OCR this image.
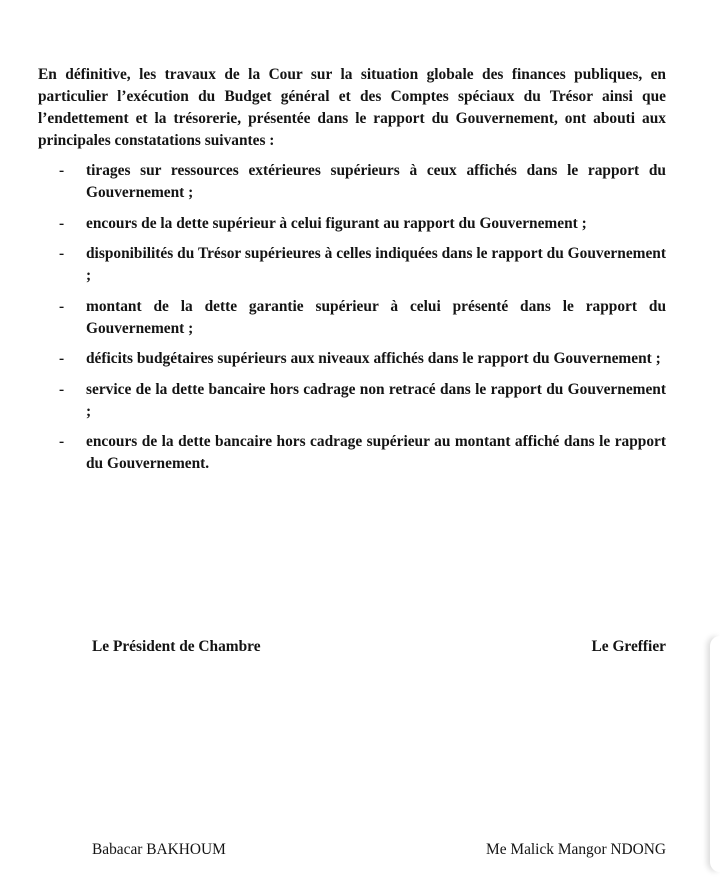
En définitive, les travaux de la Cour sur la situation globale des finances publiques, en particulier l’exécution du Budget général et des Comptes spéciaux du Trésor ainsi que l’endettement et la trésorerie, présentée dans le rapport du Gouvernement, ont abouti aux principales constatations suivantes :

- tirages sur ressources extérieures supérieurs à ceux affichés dans le rapport du Gouvernement ;
- encours de la dette supérieur à celui figurant au rapport du Gouvernement ;
- disponibilités du Trésor supérieures à celles indiquées dans le rapport du Gouvernement ;
- montant de la dette garantie supérieur à celui présenté dans le rapport du Gouvernement ;
- déficits budgétaires supérieurs aux niveaux affichés dans le rapport du Gouvernement ;
- service de la dette bancaire hors cadrage non retracé dans le rapport du Gouvernement ;
- encours de la dette bancaire hors cadrage supérieur au montant affiché dans le rapport du Gouvernement.

Le Président de Chambre	Le Greffier

Babacar BAKHOUM	Me Malick Mangor NDONG
